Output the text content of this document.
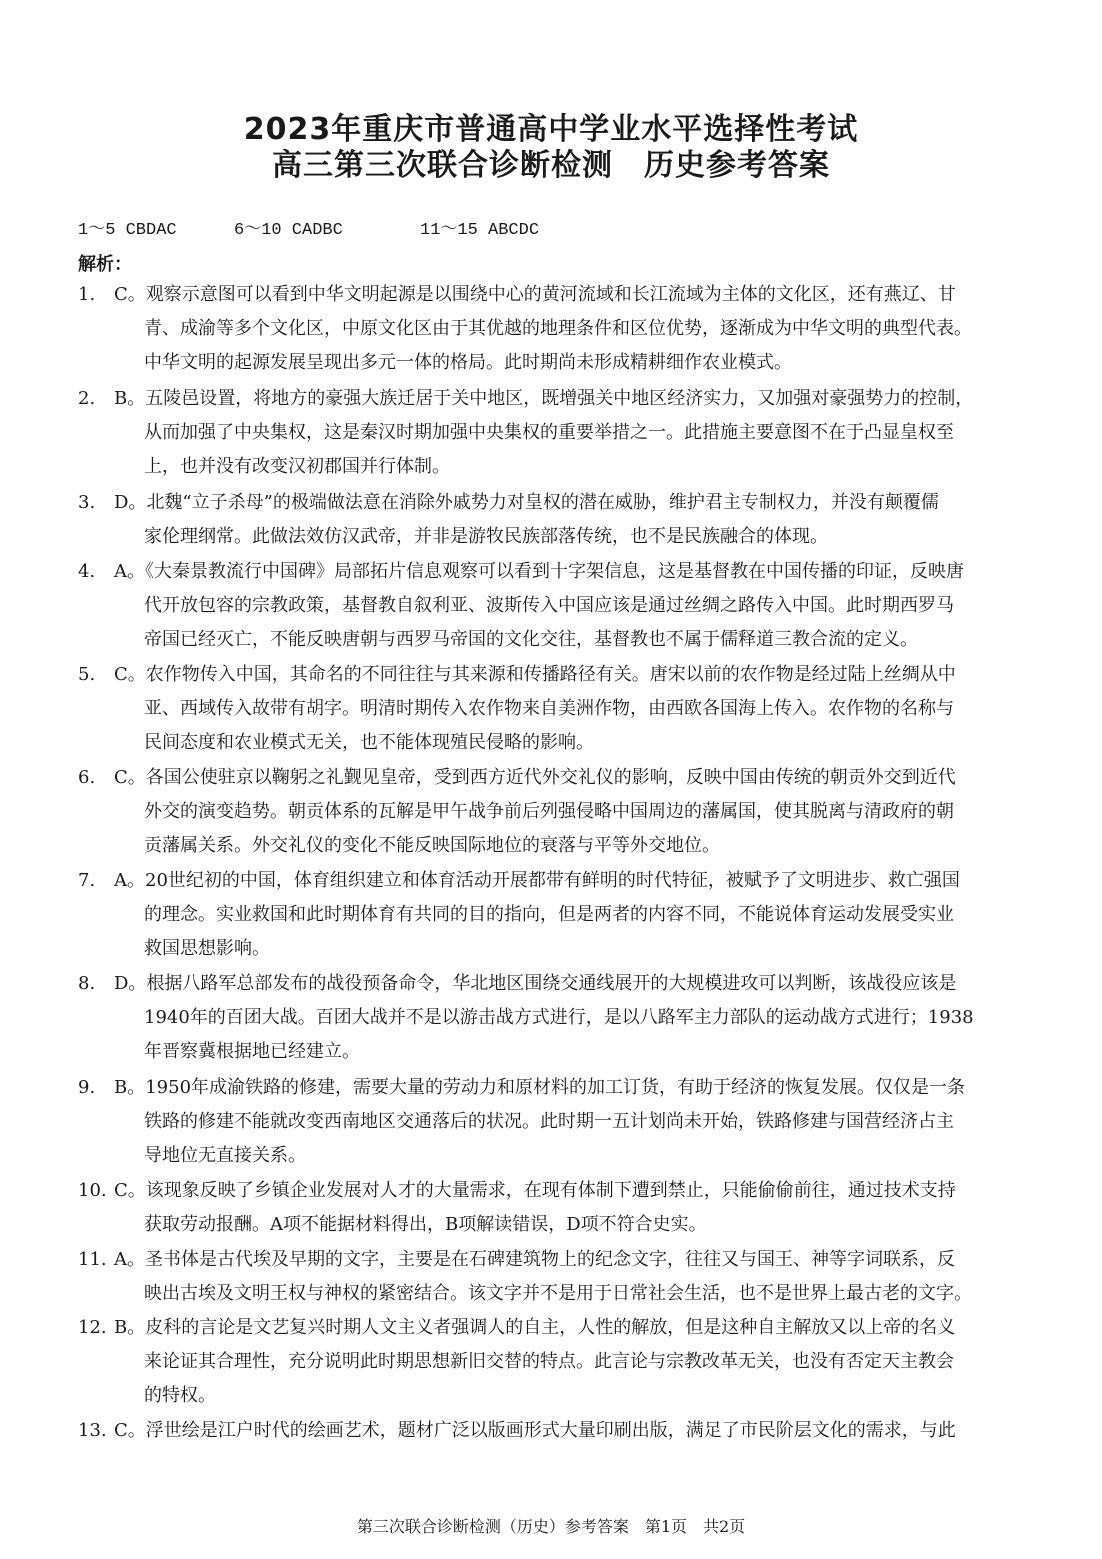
2023年重庆市普通高中学业水平选择性考试
高三第三次联合诊断检测　历史参考答案
1～5 CBDAC	6～10 CADBC	11～15 ABCDC
解析：
1.	C。观察示意图可以看到中华文明起源是以围绕中心的黄河流域和长江流域为主体的文化区，还有燕辽、甘
青、成渝等多个文化区，中原文化区由于其优越的地理条件和区位优势，逐渐成为中华文明的典型代表。
中华文明的起源发展呈现出多元一体的格局。此时期尚未形成精耕细作农业模式。
2.	B。五陵邑设置，将地方的豪强大族迁居于关中地区，既增强关中地区经济实力，又加强对豪强势力的控制，
从而加强了中央集权，这是秦汉时期加强中央集权的重要举措之一。此措施主要意图不在于凸显皇权至
上，也并没有改变汉初郡国并行体制。
3.	D。北魏“立子杀母”的极端做法意在消除外戚势力对皇权的潜在威胁，维护君主专制权力，并没有颠覆儒
家伦理纲常。此做法效仿汉武帝，并非是游牧民族部落传统，也不是民族融合的体现。
4.	A。《大秦景教流行中国碑》局部拓片信息观察可以看到十字架信息，这是基督教在中国传播的印证，反映唐
代开放包容的宗教政策，基督教自叙利亚、波斯传入中国应该是通过丝绸之路传入中国。此时期西罗马
帝国已经灭亡，不能反映唐朝与西罗马帝国的文化交往，基督教也不属于儒释道三教合流的定义。
5.	C。农作物传入中国，其命名的不同往往与其来源和传播路径有关。唐宋以前的农作物是经过陆上丝绸从中
亚、西域传入故带有胡字。明清时期传入农作物来自美洲作物，由西欧各国海上传入。农作物的名称与
民间态度和农业模式无关，也不能体现殖民侵略的影响。
6.	C。各国公使驻京以鞠躬之礼觐见皇帝，受到西方近代外交礼仪的影响，反映中国由传统的朝贡外交到近代
外交的演变趋势。朝贡体系的瓦解是甲午战争前后列强侵略中国周边的藩属国，使其脱离与清政府的朝
贡藩属关系。外交礼仪的变化不能反映国际地位的衰落与平等外交地位。
7.	A。20世纪初的中国，体育组织建立和体育活动开展都带有鲜明的时代特征，被赋予了文明进步、救亡强国
的理念。实业救国和此时期体育有共同的目的指向，但是两者的内容不同，不能说体育运动发展受实业
救国思想影响。
8.	D。根据八路军总部发布的战役预备命令，华北地区围绕交通线展开的大规模进攻可以判断，该战役应该是
1940年的百团大战。百团大战并不是以游击战方式进行，是以八路军主力部队的运动战方式进行；1938
年晋察冀根据地已经建立。
9.	B。1950年成渝铁路的修建，需要大量的劳动力和原材料的加工订货，有助于经济的恢复发展。仅仅是一条
铁路的修建不能就改变西南地区交通落后的状况。此时期一五计划尚未开始，铁路修建与国营经济占主
导地位无直接关系。
10. C。该现象反映了乡镇企业发展对人才的大量需求，在现有体制下遭到禁止，只能偷偷前往，通过技术支持
获取劳动报酬。A项不能据材料得出，B项解读错误，D项不符合史实。
11. A。圣书体是古代埃及早期的文字，主要是在石碑建筑物上的纪念文字，往往又与国王、神等字词联系，反
映出古埃及文明王权与神权的紧密结合。该文字并不是用于日常社会生活，也不是世界上最古老的文字。
12. B。皮科的言论是文艺复兴时期人文主义者强调人的自主，人性的解放，但是这种自主解放又以上帝的名义
来论证其合理性，充分说明此时期思想新旧交替的特点。此言论与宗教改革无关，也没有否定天主教会
的特权。
13. C。浮世绘是江户时代的绘画艺术，题材广泛以版画形式大量印刷出版，满足了市民阶层文化的需求，与此
第三次联合诊断检测（历史）参考答案　第1页　共2页
